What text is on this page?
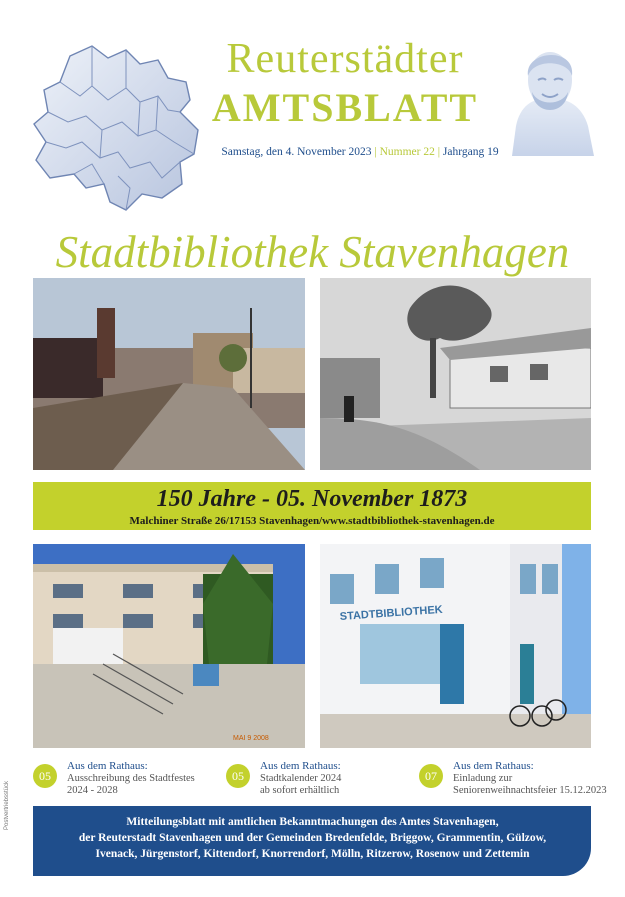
Reuterstädter
AMTSBLATT
Samstag, den 4. November 2023 | Nummer 22 | Jahrgang 19
Stadtbibliothek Stavenhagen
150 Jahre - 05. November 1873
Malchiner Straße 26/17153 Stavenhagen/www.stadtbibliothek-stavenhagen.de
MAI 9 2008
STADTBIBLIOTHEK
05
Aus dem Rathaus:
Ausschreibung des Stadtfestes
2024 - 2028
05
Aus dem Rathaus:
Stadtkalender 2024
ab sofort erhältlich
07
Aus dem Rathaus:
Einladung zur
Seniorenweihnachtsfeier 15.12.2023
Mitteilungsblatt mit amtlichen Bekanntmachungen des Amtes Stavenhagen,
der Reuterstadt Stavenhagen und der Gemeinden Bredenfelde, Briggow, Grammentin, Gülzow,
Ivenack, Jürgenstorf, Kittendorf, Knorrendorf, Mölln, Ritzerow, Rosenow und Zettemin
Postvertriebsstück
